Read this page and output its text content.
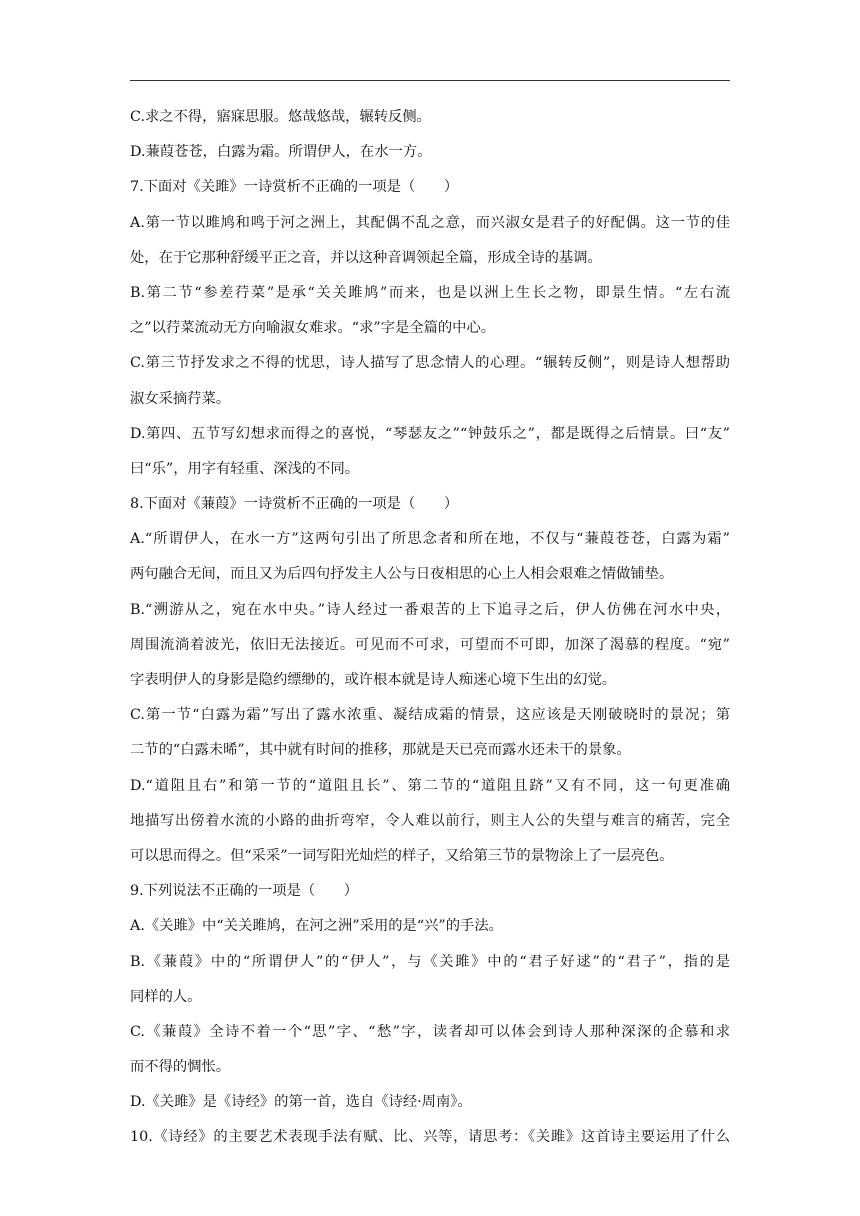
C.求之不得，寤寐思服。悠哉悠哉，辗转反侧。
D.蒹葭苍苍，白露为霜。所谓伊人，在水一方。
7.下面对《关雎》一诗赏析不正确的一项是（　　）
A.第一节以雎鸠和鸣于河之洲上，其配偶不乱之意，而兴淑女是君子的好配偶。这一节的佳
处，在于它那种舒缓平正之音，并以这种音调领起全篇，形成全诗的基调。
B.第二节“参差荇菜”是承“关关雎鸠”而来，也是以洲上生长之物，即景生情。“左右流
之”以荇菜流动无方向喻淑女难求。“求”字是全篇的中心。
C.第三节抒发求之不得的忧思，诗人描写了思念情人的心理。“辗转反侧”，则是诗人想帮助
淑女采摘荇菜。
D.第四、五节写幻想求而得之的喜悦，“琴瑟友之”“钟鼓乐之”，都是既得之后情景。曰“友”
曰“乐”，用字有轻重、深浅的不同。
8.下面对《蒹葭》一诗赏析不正确的一项是（　　）
A.“所谓伊人，在水一方”这两句引出了所思念者和所在地，不仅与“蒹葭苍苍，白露为霜”
两句融合无间，而且又为后四句抒发主人公与日夜相思的心上人相会艰难之情做铺垫。
B.“溯游从之，宛在水中央。”诗人经过一番艰苦的上下追寻之后，伊人仿佛在河水中央，
周围流淌着波光，依旧无法接近。可见而不可求，可望而不可即，加深了渴慕的程度。“宛”
字表明伊人的身影是隐约缥缈的，或许根本就是诗人痴迷心境下生出的幻觉。
C.第一节“白露为霜”写出了露水浓重、凝结成霜的情景，这应该是天刚破晓时的景况；第
二节的“白露未晞”，其中就有时间的推移，那就是天已亮而露水还未干的景象。
D.“道阻且右”和第一节的“道阻且长”、第二节的“道阻且跻”又有不同，这一句更准确
地描写出傍着水流的小路的曲折弯窄，令人难以前行，则主人公的失望与难言的痛苦，完全
可以思而得之。但“采采”一词写阳光灿烂的样子，又给第三节的景物涂上了一层亮色。
9.下列说法不正确的一项是（　　）
A.《关雎》中“关关雎鸠，在河之洲”采用的是“兴”的手法。
B.《蒹葭》中的“所谓伊人”的“伊人”，与《关雎》中的“君子好逑”的“君子”，指的是
同样的人。
C.《蒹葭》全诗不着一个“思”字、“愁”字，读者却可以体会到诗人那种深深的企慕和求
而不得的惆怅。
D.《关雎》是《诗经》的第一首，选自《诗经·周南》。
10.《诗经》的主要艺术表现手法有赋、比、兴等，请思考：《关雎》这首诗主要运用了什么
